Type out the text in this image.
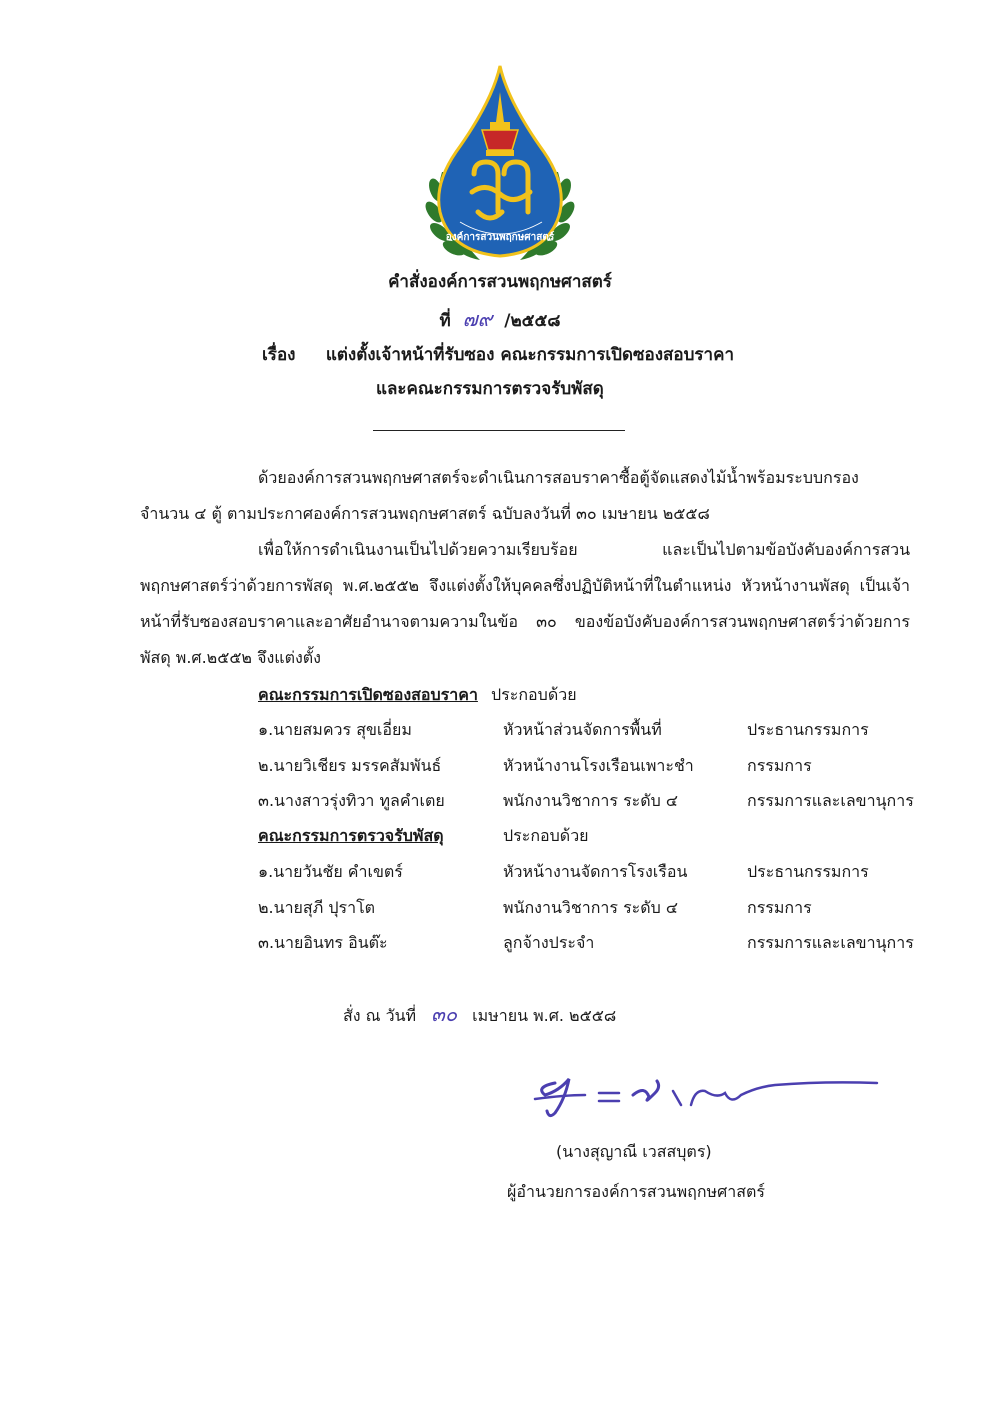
องค์การสวนพฤกษศาสตร์
คำสั่งองค์การสวนพฤกษศาสตร์
ที่ ๗๙ /๒๕๕๘
เรื่อง แต่งตั้งเจ้าหน้าที่รับซอง คณะกรรมการเปิดซองสอบราคา
และคณะกรรมการตรวจรับพัสดุ
ด้วยองค์การสวนพฤกษศาสตร์จะดำเนินการสอบราคาซื้อตู้จัดแสดงไม้น้ำพร้อมระบบกรอง จำนวน ๔ ตู้ ตามประกาศองค์การสวนพฤกษศาสตร์ ฉบับลงวันที่ ๓๐ เมษายน ๒๕๕๘
เพื่อให้การดำเนินงานเป็นไปด้วยความเรียบร้อย และเป็นไปตามข้อบังคับองค์การสวนพฤกษศาสตร์ว่าด้วยการพัสดุ พ.ศ.๒๕๕๒ จึงแต่งตั้งให้บุคคลซึ่งปฏิบัติหน้าที่ในตำแหน่ง หัวหน้างานพัสดุ เป็นเจ้าหน้าที่รับซองสอบราคาและอาศัยอำนาจตามความในข้อ ๓๐ ของข้อบังคับองค์การสวนพฤกษศาสตร์ว่าด้วยการพัสดุ พ.ศ.๒๕๕๒ จึงแต่งตั้ง
คณะกรรมการเปิดซองสอบราคา ประกอบด้วย
๑.นายสมควร สุขเอี่ยม	หัวหน้าส่วนจัดการพื้นที่	ประธานกรรมการ
๒.นายวิเชียร มรรคสัมพันธ์	หัวหน้างานโรงเรือนเพาะชำ	กรรมการ
๓.นางสาวรุ่งทิวา ทูลคำเตย	พนักงานวิชาการ ระดับ ๔	กรรมการและเลขานุการ
คณะกรรมการตรวจรับพัสดุ	ประกอบด้วย
๑.นายวันชัย คำเขตร์	หัวหน้างานจัดการโรงเรือน	ประธานกรรมการ
๒.นายสุภี ปุราโต	พนักงานวิชาการ ระดับ ๔	กรรมการ
๓.นายอินทร อินต๊ะ	ลูกจ้างประจำ	กรรมการและเลขานุการ
สั่ง ณ วันที่ ๓๐ เมษายน พ.ศ. ๒๕๕๘
(นางสุญาณี เวสสบุตร)
ผู้อำนวยการองค์การสวนพฤกษศาสตร์
